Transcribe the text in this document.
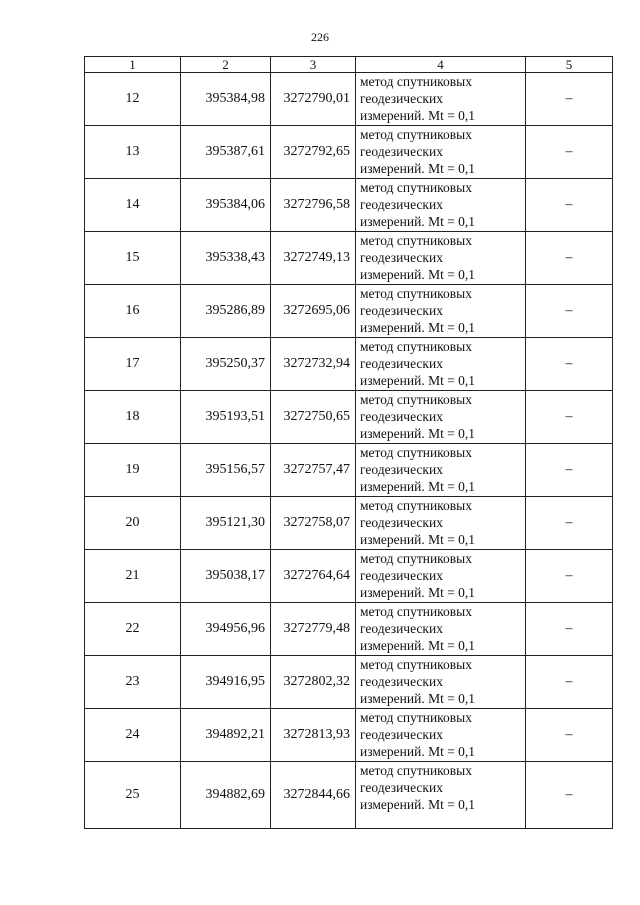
226
1	2	3	4	5
12	395384,98	3272790,01	метод спутниковых
геодезических
измерений. Mt = 0,1	–
13	395387,61	3272792,65	метод спутниковых
геодезических
измерений. Mt = 0,1	–
14	395384,06	3272796,58	метод спутниковых
геодезических
измерений. Mt = 0,1	–
15	395338,43	3272749,13	метод спутниковых
геодезических
измерений. Mt = 0,1	–
16	395286,89	3272695,06	метод спутниковых
геодезических
измерений. Mt = 0,1	–
17	395250,37	3272732,94	метод спутниковых
геодезических
измерений. Mt = 0,1	–
18	395193,51	3272750,65	метод спутниковых
геодезических
измерений. Mt = 0,1	–
19	395156,57	3272757,47	метод спутниковых
геодезических
измерений. Mt = 0,1	–
20	395121,30	3272758,07	метод спутниковых
геодезических
измерений. Mt = 0,1	–
21	395038,17	3272764,64	метод спутниковых
геодезических
измерений. Mt = 0,1	–
22	394956,96	3272779,48	метод спутниковых
геодезических
измерений. Mt = 0,1	–
23	394916,95	3272802,32	метод спутниковых
геодезических
измерений. Mt = 0,1	–
24	394892,21	3272813,93	метод спутниковых
геодезических
измерений. Mt = 0,1	–
25	394882,69	3272844,66	метод спутниковых
геодезических
измерений. Mt = 0,1	–
